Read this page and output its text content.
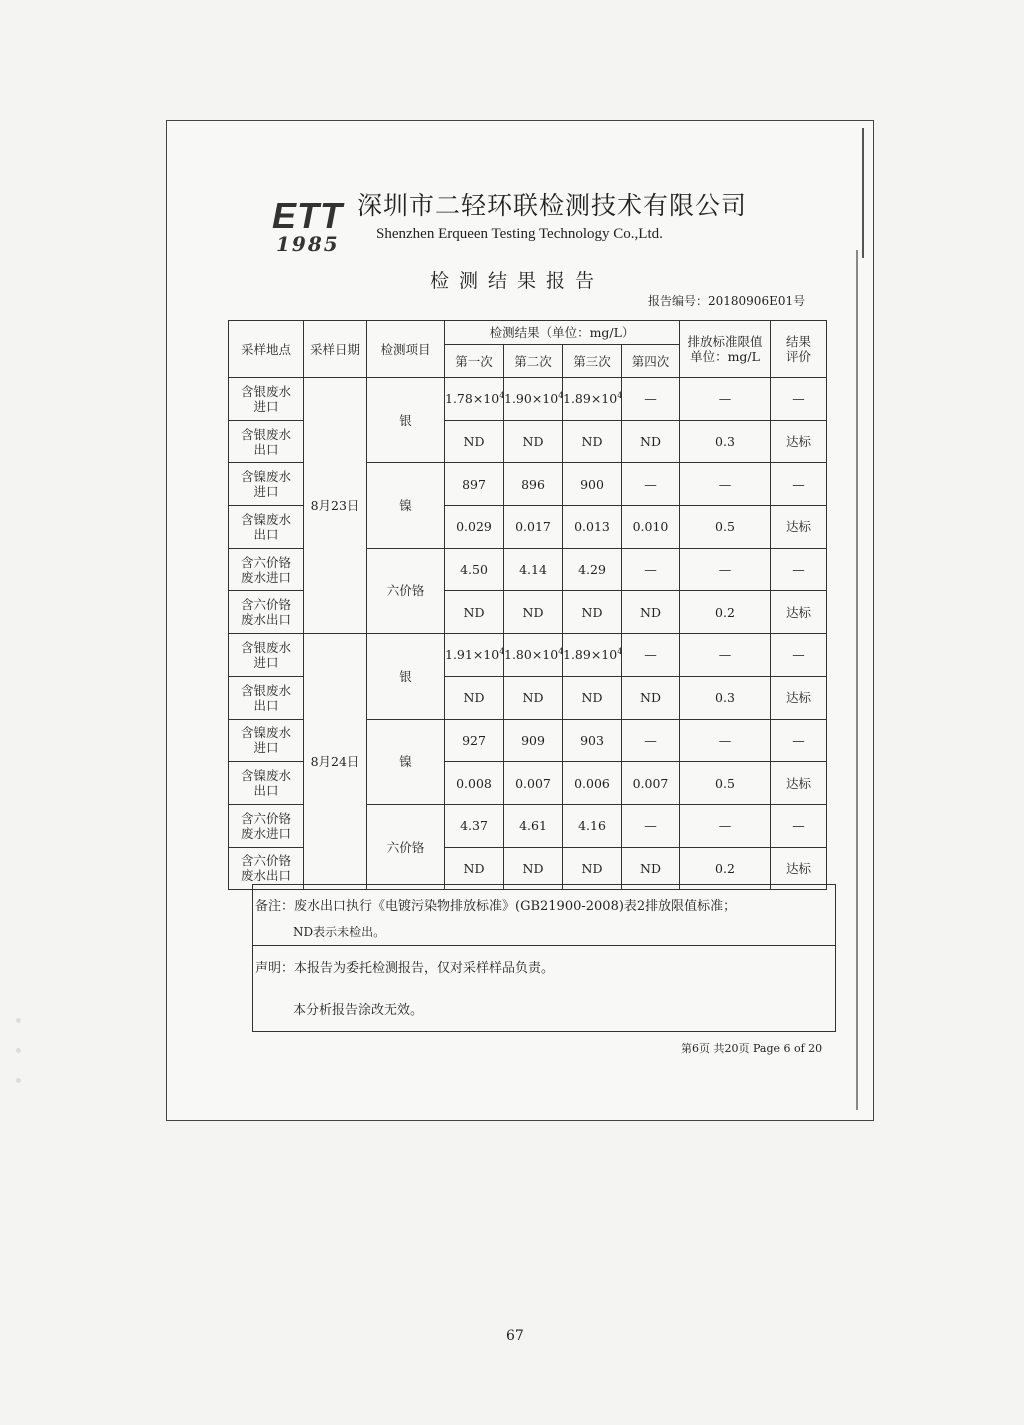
ETT
1985
深圳市二轻环联检测技术有限公司
Shenzhen Erqueen Testing Technology Co.,Ltd.
检测结果报告
报告编号：20180906E01号
采样地点	采样日期	检测项目	检测结果（单位：mg/L）				排放标准限值单位：mg/L	结果评价
			第一次	第二次	第三次	第四次		
含银废水进口	8月23日	银	$1.78\times 10^4$	$1.90\times 10^4$	$1.89\times 10^4$	—	—	—
含银废水出口			ND	ND	ND	ND	0.3	达标
含镍废水进口		镍	897	896	900	—	—	—
含镍废水出口			0.029	0.017	0.013	0.010	0.5	达标
含六价铬废水进口		六价铬	4.50	4.14	4.29	—	—	—
含六价铬废水出口			ND	ND	ND	ND	0.2	达标
含银废水进口	8月24日	银	$1.91\times 10^4$	$1.80\times 10^4$	$1.89\times 10^4$	—	—	—
含银废水出口			ND	ND	ND	ND	0.3	达标
含镍废水进口		镍	927	909	903	—	—	—
含镍废水出口			0.008	0.007	0.006	0.007	0.5	达标
含六价铬废水进口		六价铬	4.37	4.61	4.16	—	—	—
含六价铬废水出口			ND	ND	ND	ND	0.2	达标
备注：废水出口执行《电镀污染物排放标准》(GB21900-2008)表2排放限值标准；
ND表示未检出。
声明：本报告为委托检测报告，仅对采样样品负责。
本分析报告涂改无效。
第6页 共20页 Page 6 of 20
67
